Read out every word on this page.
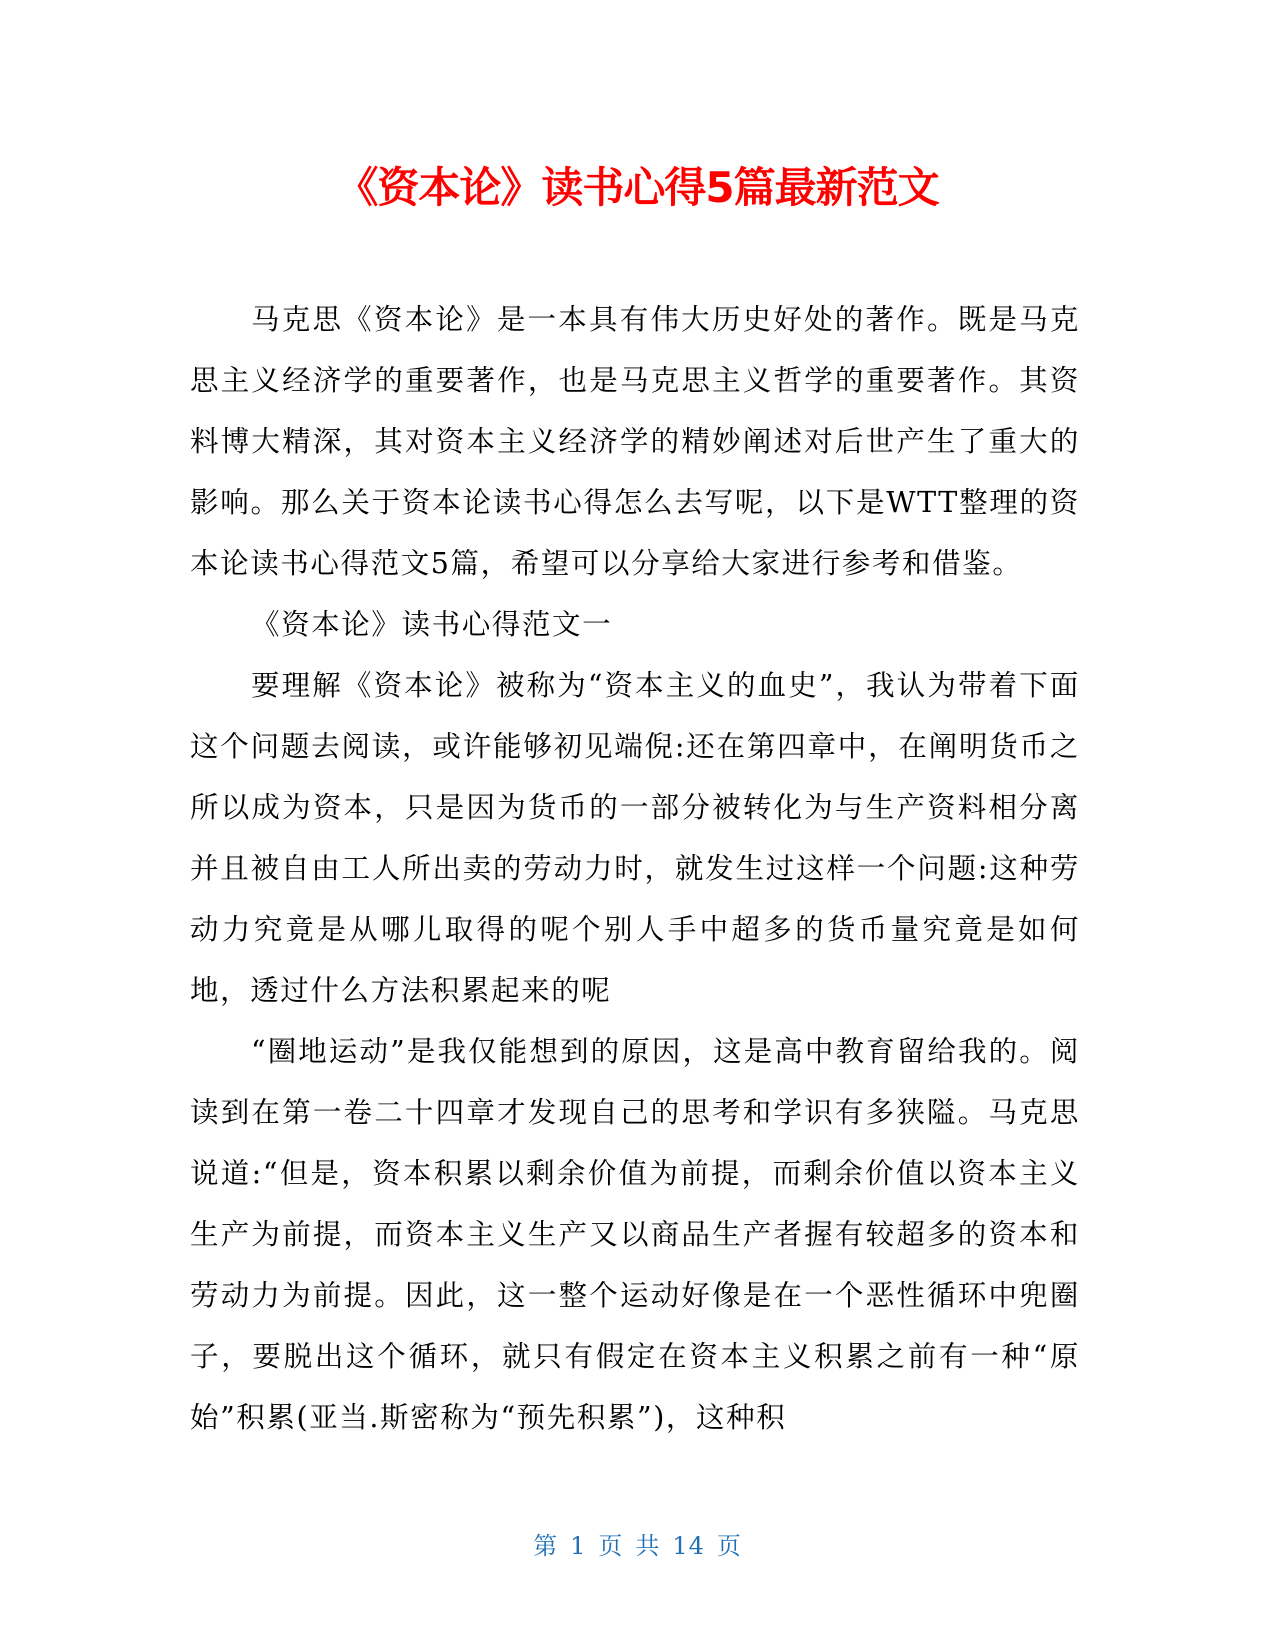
《资本论》读书心得5篇最新范文

马克思《资本论》是一本具有伟大历史好处的著作。既是马克思主义经济学的重要著作，也是马克思主义哲学的重要著作。其资料博大精深，其对资本主义经济学的精妙阐述对后世产生了重大的影响。那么关于资本论读书心得怎么去写呢，以下是WTT整理的资本论读书心得范文5篇，希望可以分享给大家进行参考和借鉴。

《资本论》读书心得范文一

要理解《资本论》被称为“资本主义的血史”，我认为带着下面这个问题去阅读，或许能够初见端倪:还在第四章中，在阐明货币之所以成为资本，只是因为货币的一部分被转化为与生产资料相分离并且被自由工人所出卖的劳动力时，就发生过这样一个问题:这种劳动力究竟是从哪儿取得的呢个别人手中超多的货币量究竟是如何地，透过什么方法积累起来的呢

“圈地运动”是我仅能想到的原因，这是高中教育留给我的。阅读到在第一卷二十四章才发现自己的思考和学识有多狭隘。马克思说道:“但是，资本积累以剩余价值为前提，而剩余价值以资本主义生产为前提，而资本主义生产又以商品生产者握有较超多的资本和劳动力为前提。因此，这一整个运动好像是在一个恶性循环中兜圈子，要脱出这个循环，就只有假定在资本主义积累之前有一种“原始”积累(亚当.斯密称为“预先积累”)，这种积

第 1 页 共 14 页
